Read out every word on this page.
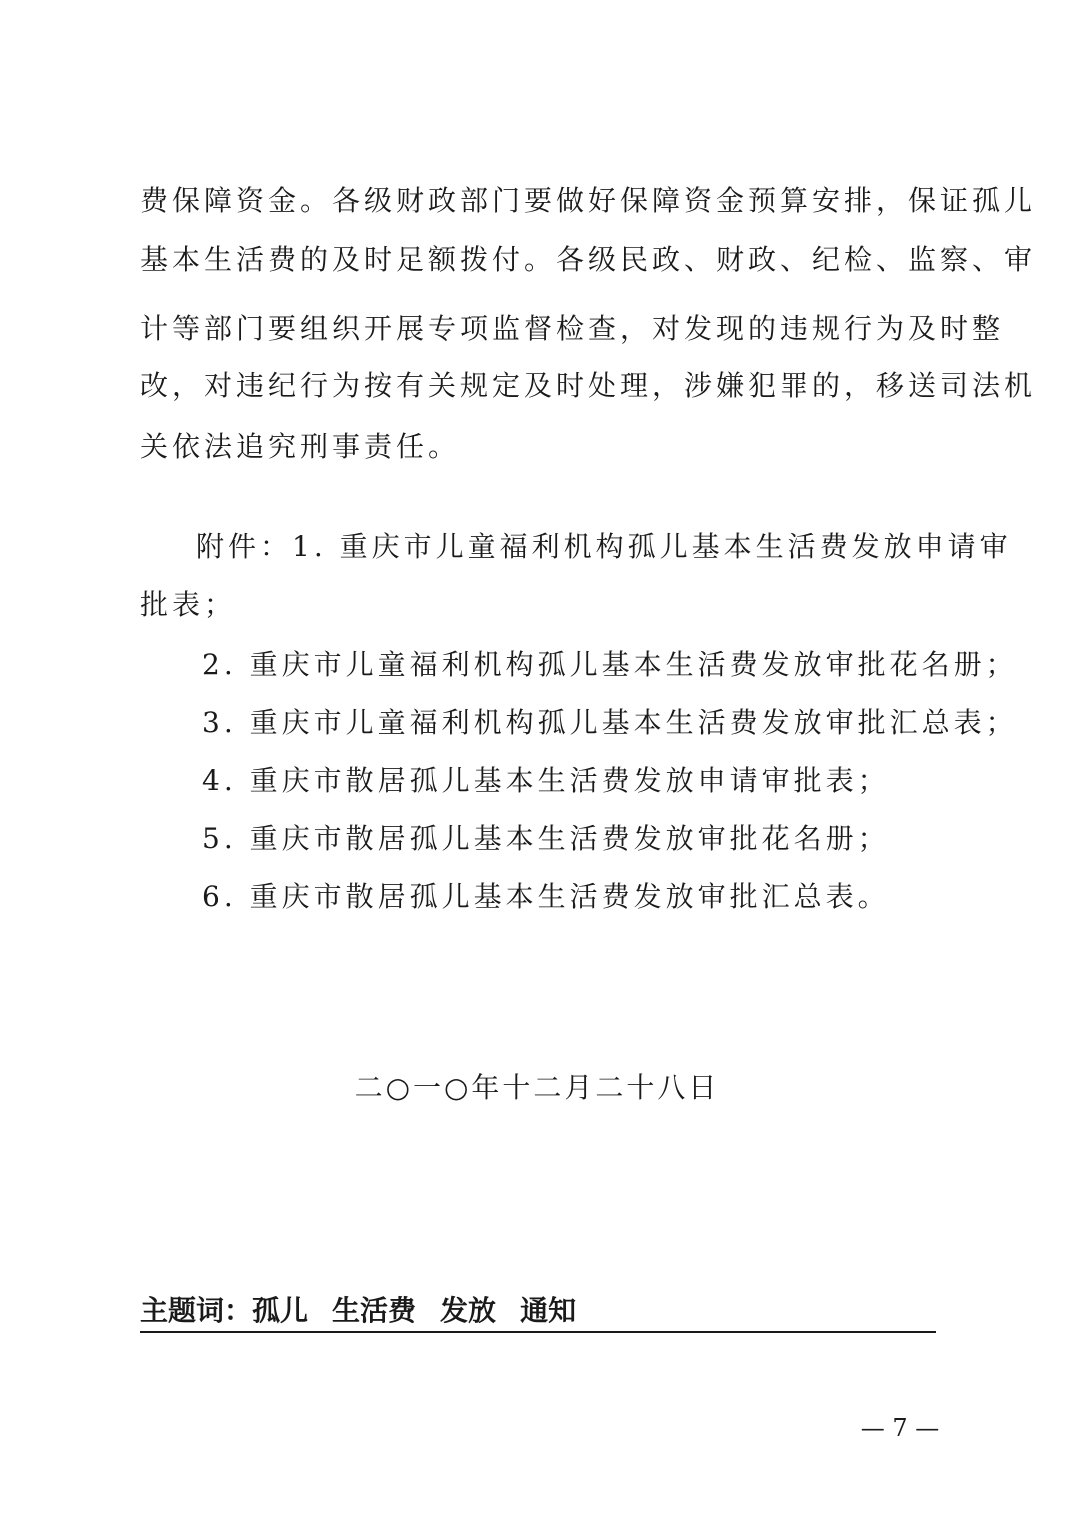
费保障资金。各级财政部门要做好保障资金预算安排，保证孤儿
基本生活费的及时足额拨付。各级民政、财政、纪检、监察、审
计等部门要组织开展专项监督检查，对发现的违规行为及时整
改，对违纪行为按有关规定及时处理，涉嫌犯罪的，移送司法机
关依法追究刑事责任。
附件：1. 重庆市儿童福利机构孤儿基本生活费发放申请审
批表；
2. 重庆市儿童福利机构孤儿基本生活费发放审批花名册；
3. 重庆市儿童福利机构孤儿基本生活费发放审批汇总表；
4. 重庆市散居孤儿基本生活费发放申请审批表；
5. 重庆市散居孤儿基本生活费发放审批花名册；
6. 重庆市散居孤儿基本生活费发放审批汇总表。
二○一○年十二月二十八日
主题词：孤儿 生活费 发放 通知
— 7 —
